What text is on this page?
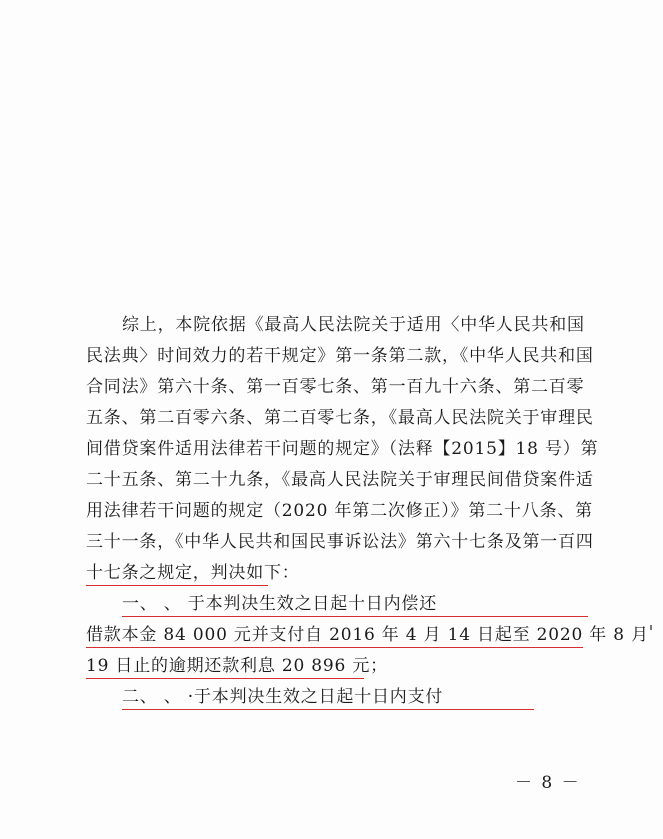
综上，本院依据《最高人民法院关于适用〈中华人民共和国
民法典〉时间效力的若干规定》第一条第二款，《中华人民共和国
合同法》第六十条、第一百零七条、第一百九十六条、第二百零
五条、第二百零六条、第二百零七条，《最高人民法院关于审理民
间借贷案件适用法律若干问题的规定》（法释【2015】18 号）第
二十五条、第二十九条，《最高人民法院关于审理民间借贷案件适
用法律若干问题的规定（2020 年第二次修正）》第二十八条、第
三十一条，《中华人民共和国民事诉讼法》第六十七条及第一百四
十七条之规定，判决如下：
一、 、 于本判决生效之日起十日内偿还
借款本金 84 000 元并支付自 2016 年 4 月 14 日起至 2020 年 8 月
19 日止的逾期还款利息 20 896 元；
二、 、 ·于本判决生效之日起十日内支付
－ 8 －
